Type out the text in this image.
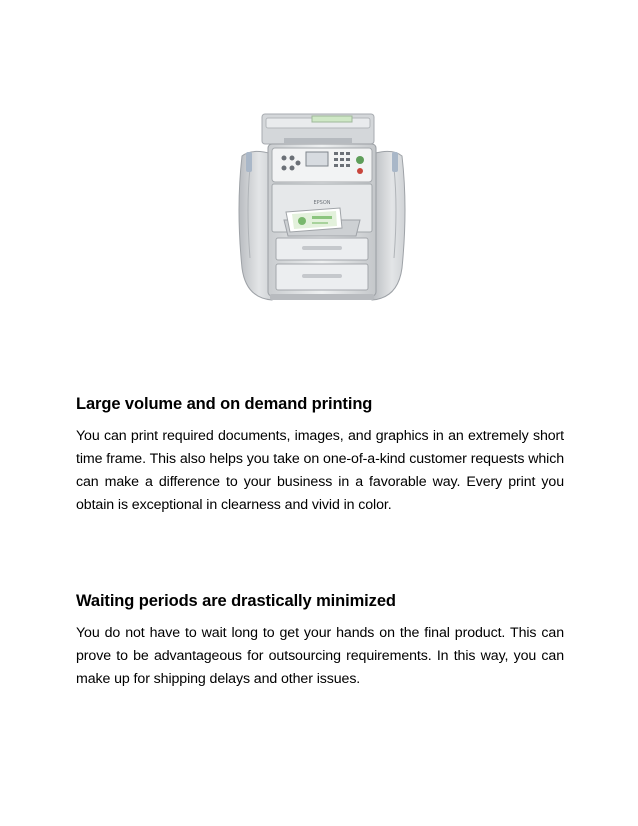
EPSON
Large volume and on demand printing

You can print required documents, images, and graphics in an extremely short time frame. This also helps you take on one-of-a-kind customer requests which can make a difference to your business in a favorable way. Every print you obtain is exceptional in clearness and vivid in color.

Waiting periods are drastically minimized

You do not have to wait long to get your hands on the final product. This can prove to be advantageous for outsourcing requirements. In this way, you can make up for shipping delays and other issues.
